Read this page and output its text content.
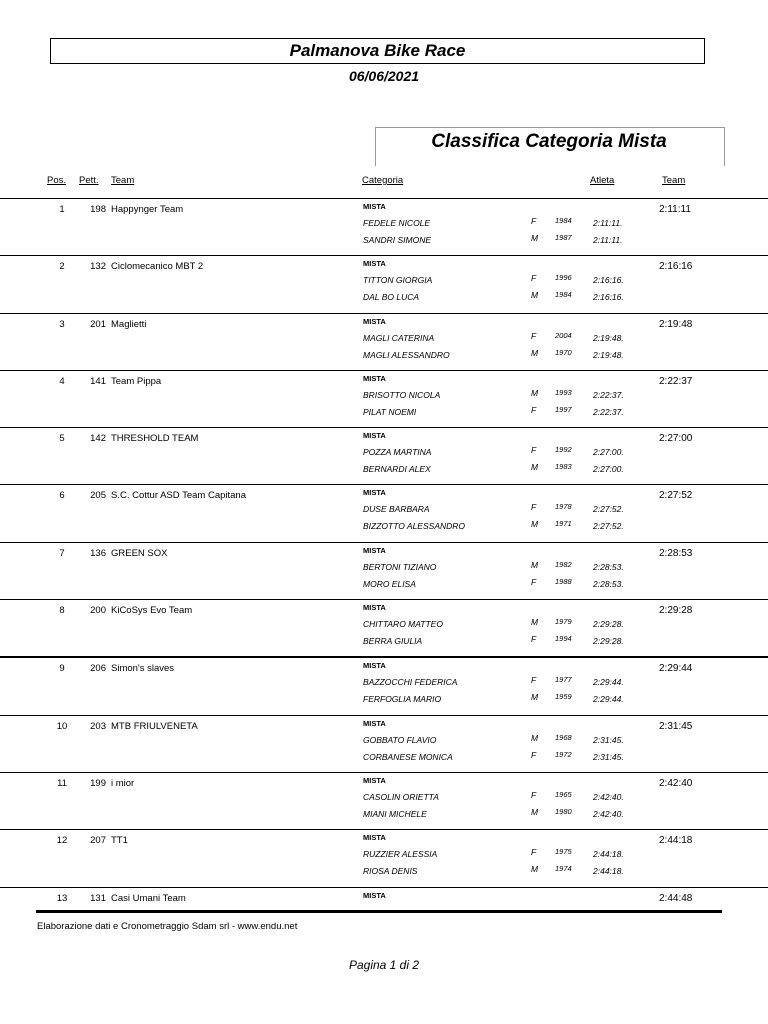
Palmanova Bike Race
06/06/2021
Classifica Categoria Mista
Pos. Pett. Team	Categoria	Atleta	Team
1	198 Happynger Team	MISTA	2:11:11
FEDELE NICOLE	F	1984	2:11:11.
SANDRI SIMONE	M 1987	2:11:11.
2	132 Ciclomecanico MBT 2	MISTA	2:16:16
TITTON GIORGIA	F	1996	2:16:16.
DAL BO LUCA	M 1984	2:16:16.
3	201 Maglietti	MISTA	2:19:48
MAGLI CATERINA	F	2004	2:19:48.
MAGLI ALESSANDRO	M 1970	2:19:48.
4	141 Team Pippa	MISTA	2:22:37
BRISOTTO NICOLA	M 1993	2:22:37.
PILAT NOEMI	F	1997	2:22:37.
5	142 THRESHOLD TEAM	MISTA	2:27:00
POZZA MARTINA	F	1992	2:27:00.
BERNARDI ALEX	M 1983	2:27:00.
6	205 S.C. Cottur ASD Team Capitana	MISTA	2:27:52
DUSE BARBARA	F	1978	2:27:52.
BIZZOTTO ALESSANDRO	M 1971	2:27:52.
7	136 GREEN SOX	MISTA	2:28:53
BERTONI TIZIANO	M 1982	2:28:53.
MORO ELISA	F	1988	2:28:53.
8	200 KiCoSys Evo Team	MISTA	2:29:28
CHITTARO MATTEO	M 1979	2:29:28.
BERRA GIULIA	F	1994	2:29:28.
9	206 Simon's slaves	MISTA	2:29:44
BAZZOCCHI FEDERICA	F	1977	2:29:44.
FERFOGLIA MARIO	M 1959	2:29:44.
10	203 MTB FRIULVENETA	MISTA	2:31:45
GOBBATO FLAVIO	M 1968	2:31:45.
CORBANESE MONICA	F	1972	2:31:45.
11	199 i mior	MISTA	2:42:40
CASOLIN ORIETTA	F	1965	2:42:40.
MIANI MICHELE	M 1980	2:42:40.
12	207 TT1	MISTA	2:44:18
RUZZIER ALESSIA	F	1975	2:44:18.
RIOSA DENIS	M 1974	2:44:18.
13	131 Casi Umani Team	MISTA	2:44:48
Elaborazione dati e Cronometraggio Sdam srl - www.endu.net
Pagina 1 di 2
